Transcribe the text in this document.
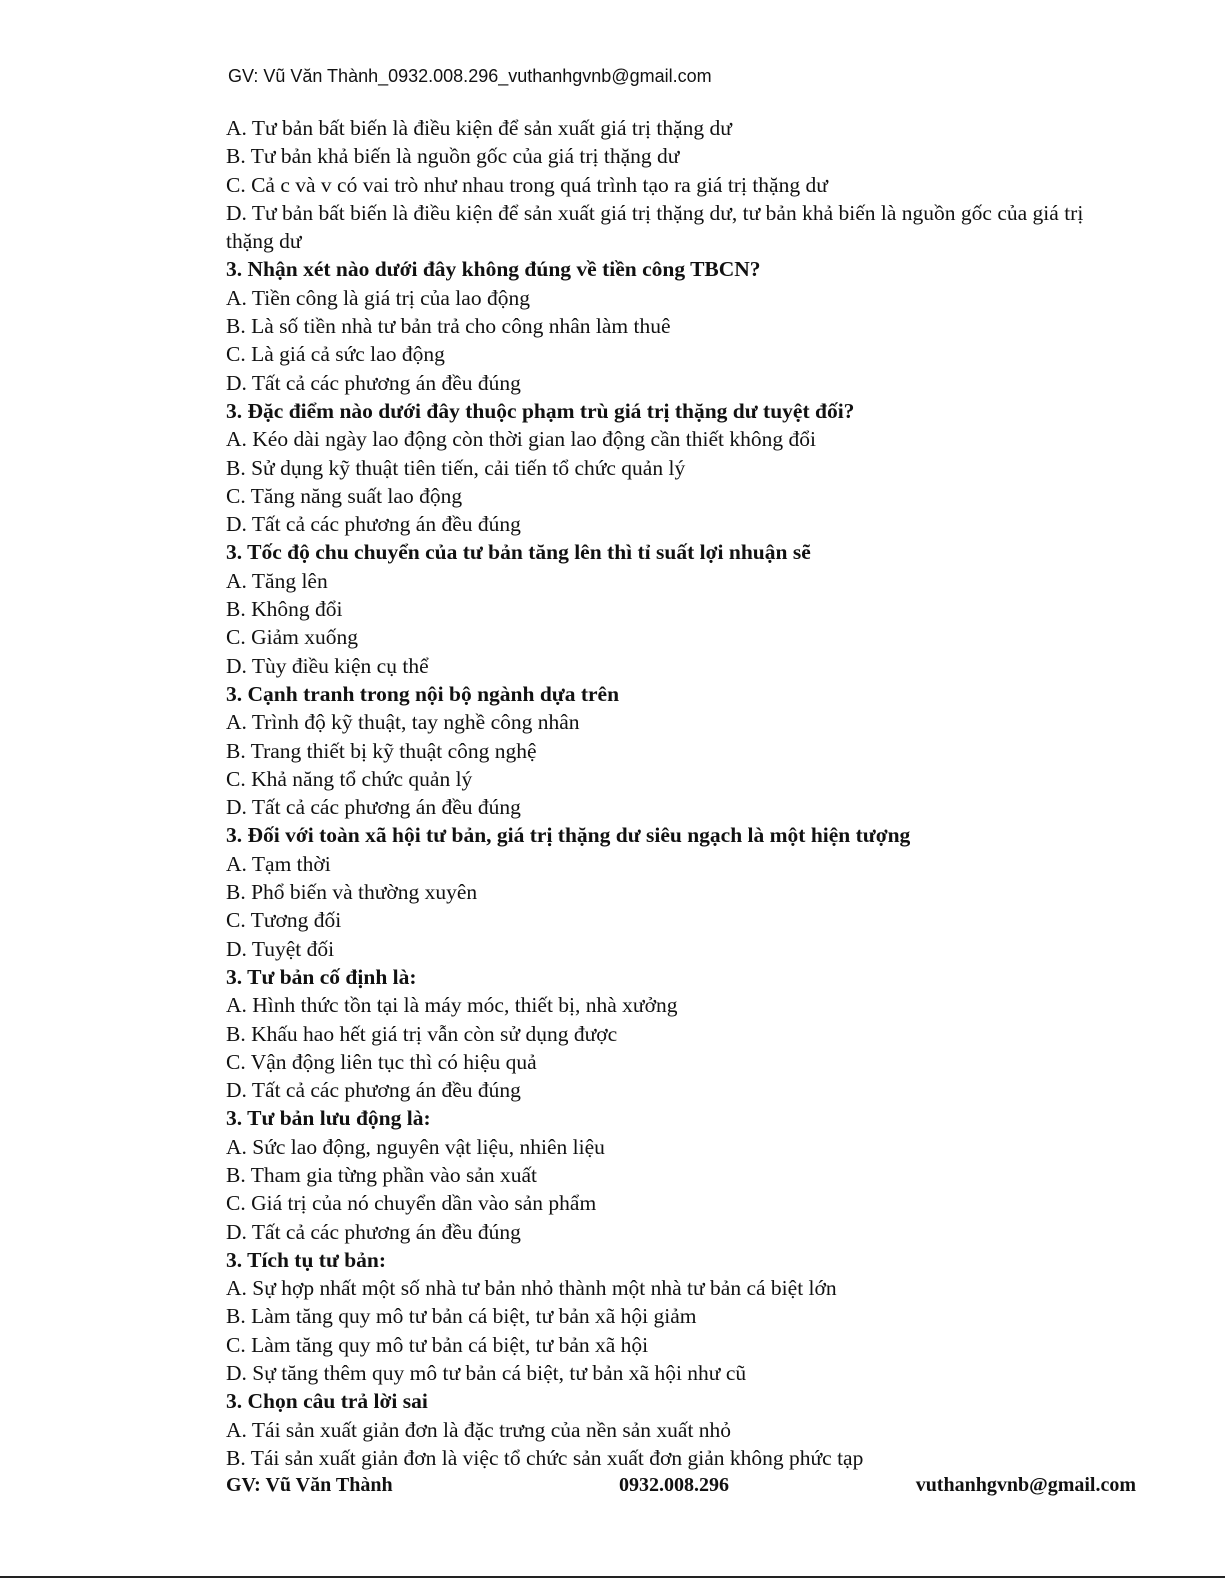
GV: Vũ Văn Thành_0932.008.296_vuthanhgvnb@gmail.com
A. Tư bản bất biến là điều kiện để sản xuất giá trị thặng dư
B. Tư bản khả biến là nguồn gốc của giá trị thặng dư
C. Cả c và v có vai trò như nhau trong quá trình tạo ra giá trị thặng dư
D. Tư bản bất biến là điều kiện để sản xuất giá trị thặng dư, tư bản khả biến là nguồn gốc của giá trị thặng dư
3. Nhận xét nào dưới đây không đúng về tiền công TBCN?
A. Tiền công là giá trị của lao động
B. Là số tiền nhà tư bản trả cho công nhân làm thuê
C. Là giá cả sức lao động
D. Tất cả các phương án đều đúng
3. Đặc điểm nào dưới đây thuộc phạm trù giá trị thặng dư tuyệt đối?
A. Kéo dài ngày lao động còn thời gian lao động cần thiết không đổi
B. Sử dụng kỹ thuật tiên tiến, cải tiến tổ chức quản lý
C. Tăng năng suất lao động
D. Tất cả các phương án đều đúng
3. Tốc độ chu chuyển của tư bản tăng lên thì tỉ suất lợi nhuận sẽ
A. Tăng lên
B. Không đổi
C. Giảm xuống
D. Tùy điều kiện cụ thể
3. Cạnh tranh trong nội bộ ngành dựa trên
A. Trình độ kỹ thuật, tay nghề công nhân
B. Trang thiết bị kỹ thuật công nghệ
C. Khả năng tổ chức quản lý
D. Tất cả các phương án đều đúng
3. Đối với toàn xã hội tư bản, giá trị thặng dư siêu ngạch là một hiện tượng
A. Tạm thời
B. Phổ biến và thường xuyên
C. Tương đối
D. Tuyệt đối
3. Tư bản cố định là:
A. Hình thức tồn tại là máy móc, thiết bị, nhà xưởng
B. Khấu hao hết giá trị vẫn còn sử dụng được
C. Vận động liên tục thì có hiệu quả
D. Tất cả các phương án đều đúng
3. Tư bản lưu động là:
A. Sức lao động, nguyên vật liệu, nhiên liệu
B. Tham gia từng phần vào sản xuất
C. Giá trị của nó chuyển dần vào sản phẩm
D. Tất cả các phương án đều đúng
3. Tích tụ tư bản:
A. Sự hợp nhất một số nhà tư bản nhỏ thành một nhà tư bản cá biệt lớn
B. Làm tăng quy mô tư bản cá biệt, tư bản xã hội giảm
C. Làm tăng quy mô tư bản cá biệt, tư bản xã hội
D. Sự tăng thêm quy mô tư bản cá biệt, tư bản xã hội như cũ
3. Chọn câu trả lời sai
A. Tái sản xuất giản đơn là đặc trưng của nền sản xuất nhỏ
B. Tái sản xuất giản đơn là việc tổ chức sản xuất đơn giản không phức tạp
GV: Vũ Văn Thành	0932.008.296	vuthanhgvnb@gmail.com
